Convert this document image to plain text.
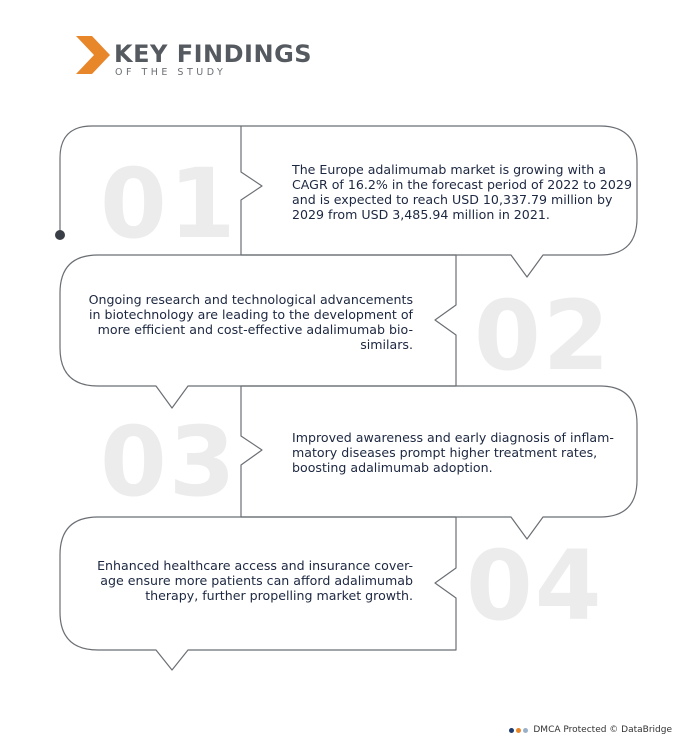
KEY FINDINGS
OF THE STUDY
01
02
03
04
The Europe adalimumab market is growing with a
CAGR of 16.2% in the forecast period of 2022 to 2029
and is expected to reach USD 10,337.79 million by
2029 from USD 3,485.94 million in 2021.
Ongoing research and technological advancements
in biotechnology are leading to the development of
more efficient and cost-effective adalimumab bio-
similars.
Improved awareness and early diagnosis of inflam-
matory diseases prompt higher treatment rates,
boosting adalimumab adoption.
Enhanced healthcare access and insurance cover-
age ensure more patients can afford adalimumab
therapy, further propelling market growth.
DMCA Protected © DataBridge
